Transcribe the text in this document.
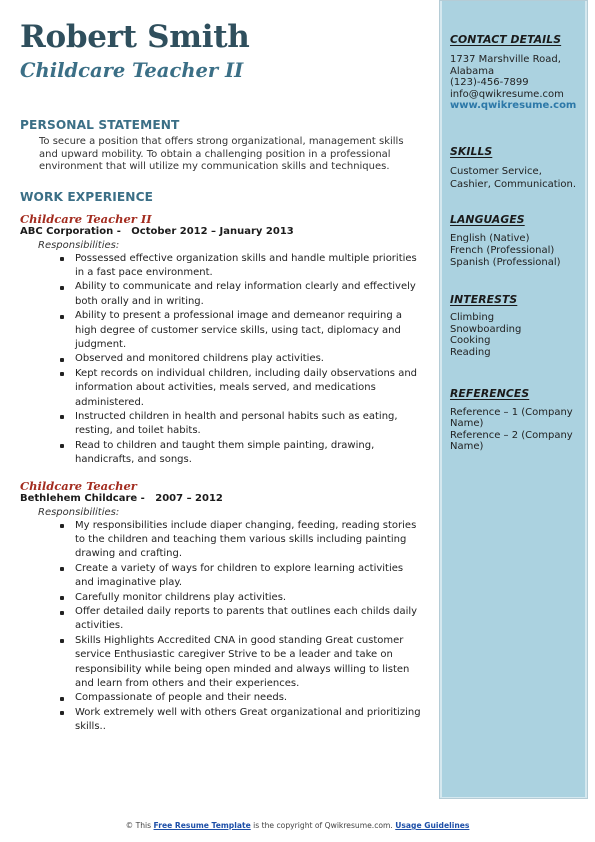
Robert Smith
Childcare Teacher II
PERSONAL STATEMENT
To secure a position that offers strong organizational, management skills and upward mobility. To obtain a challenging position in a professional environment that will utilize my communication skills and techniques.
WORK EXPERIENCE
Childcare Teacher II
ABC Corporation -   October 2012 – January 2013
Responsibilities:
Possessed effective organization skills and handle multiple priorities in a fast pace environment.
Ability to communicate and relay information clearly and effectively both orally and in writing.
Ability to present a professional image and demeanor requiring a high degree of customer service skills, using tact, diplomacy and judgment.
Observed and monitored childrens play activities.
Kept records on individual children, including daily observations and information about activities, meals served, and medications administered.
Instructed children in health and personal habits such as eating, resting, and toilet habits.
Read to children and taught them simple painting, drawing, handicrafts, and songs.
Childcare Teacher
Bethlehem Childcare -   2007 – 2012
Responsibilities:
My responsibilities include diaper changing, feeding, reading stories to the children and teaching them various skills including painting drawing and crafting.
Create a variety of ways for children to explore learning activities and imaginative play.
Carefully monitor childrens play activities.
Offer detailed daily reports to parents that outlines each childs daily activities.
Skills Highlights Accredited CNA in good standing Great customer service Enthusiastic caregiver Strive to be a leader and take on responsibility while being open minded and always willing to listen and learn from others and their experiences.
Compassionate of people and their needs.
Work extremely well with others Great organizational and prioritizing skills..
CONTACT DETAILS
1737 Marshville Road, Alabama
(123)-456-7899
info@qwikresume.com
www.qwikresume.com
SKILLS
Customer Service, Cashier, Communication.
LANGUAGES
English (Native)
French (Professional)
Spanish (Professional)
INTERESTS
Climbing
Snowboarding
Cooking
Reading
REFERENCES
Reference – 1 (Company Name)
Reference – 2 (Company Name)
© This Free Resume Template is the copyright of Qwikresume.com. Usage Guidelines
